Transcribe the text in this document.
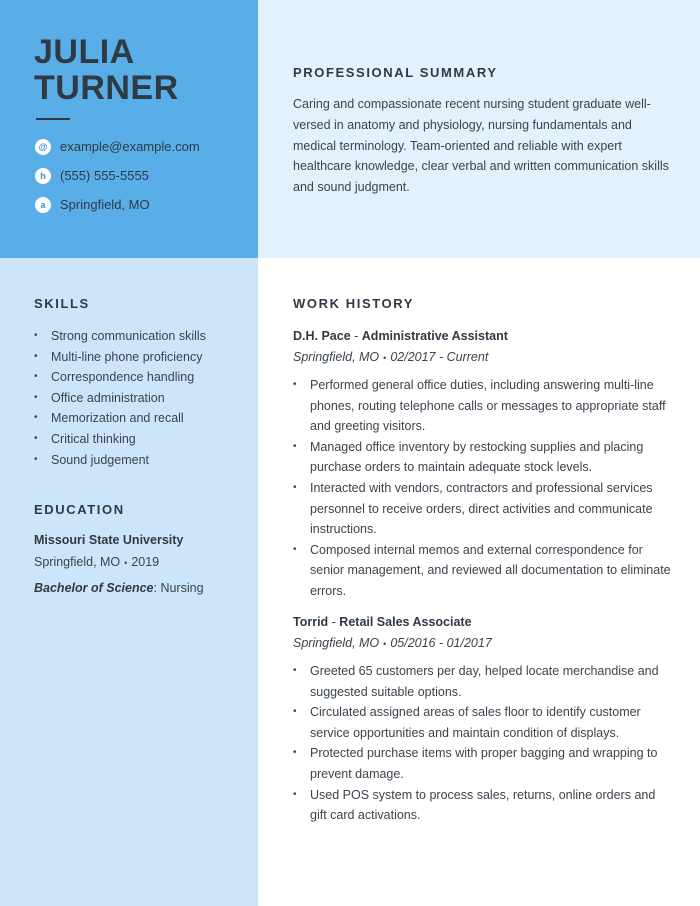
JULIA
TURNER
@ example@example.com
h	(555) 555-5555
a	Springfield, MO
PROFESSIONAL SUMMARY

Caring and compassionate recent nursing student graduate well-versed in anatomy and physiology, nursing fundamentals and medical terminology. Team-oriented and reliable with expert healthcare knowledge, clear verbal and written communication skills and sound judgment.

SKILLS
• Strong communication skills
• Multi-line phone proficiency
• Correspondence handling
• Office administration
• Memorization and recall
• Critical thinking
• Sound judgement
EDUCATION
Missouri State University
Springfield, MO • 2019
Bachelor of Science: Nursing
WORK HISTORY
D.H. Pace - Administrative Assistant
Springfield, MO • 02/2017 - Current
• Performed general office duties, including answering multi-line phones, routing telephone calls or messages to appropriate staff and greeting visitors.
• Managed office inventory by restocking supplies and placing purchase orders to maintain adequate stock levels.
• Interacted with vendors, contractors and professional services personnel to receive orders, direct activities and communicate instructions.
• Composed internal memos and external correspondence for senior management, and reviewed all documentation to eliminate errors.
Torrid - Retail Sales Associate
Springfield, MO • 05/2016 - 01/2017
• Greeted 65 customers per day, helped locate merchandise and suggested suitable options.
• Circulated assigned areas of sales floor to identify customer service opportunities and maintain condition of displays.
• Protected purchase items with proper bagging and wrapping to prevent damage.
• Used POS system to process sales, returns, online orders and gift card activations.
